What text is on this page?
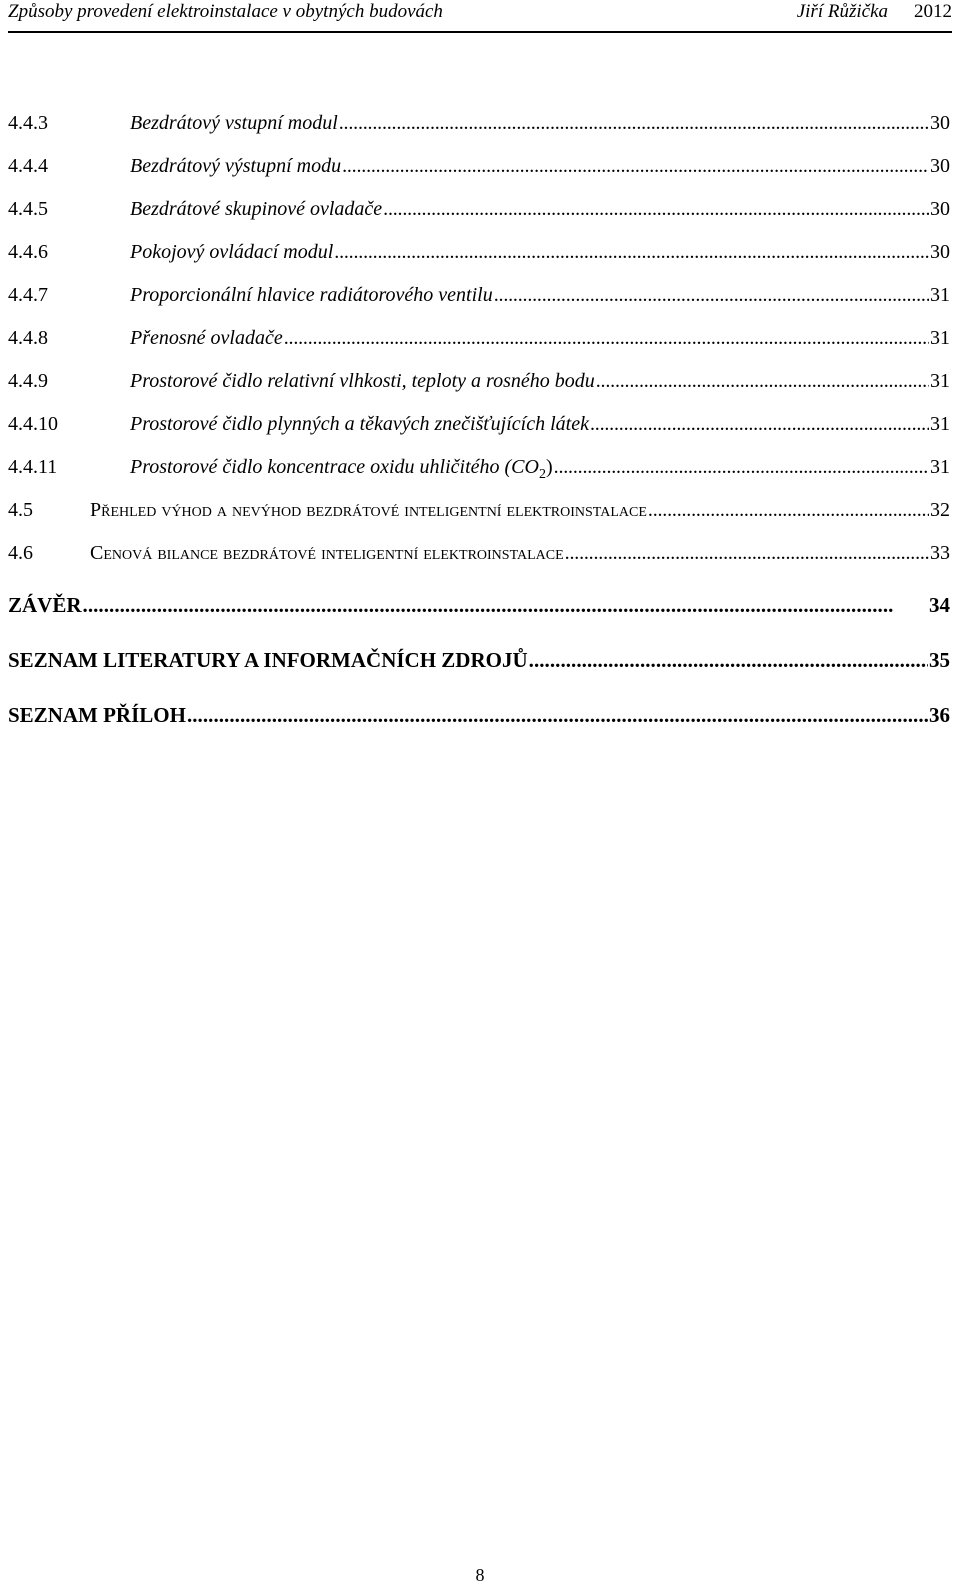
Způsoby provedení elektroinstalace v obytných budovách	Jiří Růžička 2012
4.4.3	Bezdrátový vstupní modul . . .	30
4.4.4	Bezdrátový výstupní modu . . .	30
4.4.5	Bezdrátové skupinové ovladače . . .	30
4.4.6	Pokojový ovládací modul . . .	30
4.4.7	Proporcionální hlavice radiátorového ventilu . . .	31
4.4.8	Přenosné ovladače . . .	31
4.4.9	Prostorové čidlo relativní vlhkosti, teploty a rosného bodu . . .	31
4.4.10	Prostorové čidlo plynných a těkavých znečišťujících látek . . .	31
4.4.11	Prostorové čidlo koncentrace oxidu uhličitého $(CO_2)$ . . .	31
4.5	Přehled výhod a nevýhod bezdrátové inteligentní elektroinstalace . . .	32
4.6	Cenová bilance bezdrátové inteligentní elektroinstalace . . .	33
ZÁVĚR . . .	34
SEZNAM LITERATURY A INFORMAČNÍCH ZDROJŮ . . .	35
SEZNAM PŘÍLOH . . .	36
8
